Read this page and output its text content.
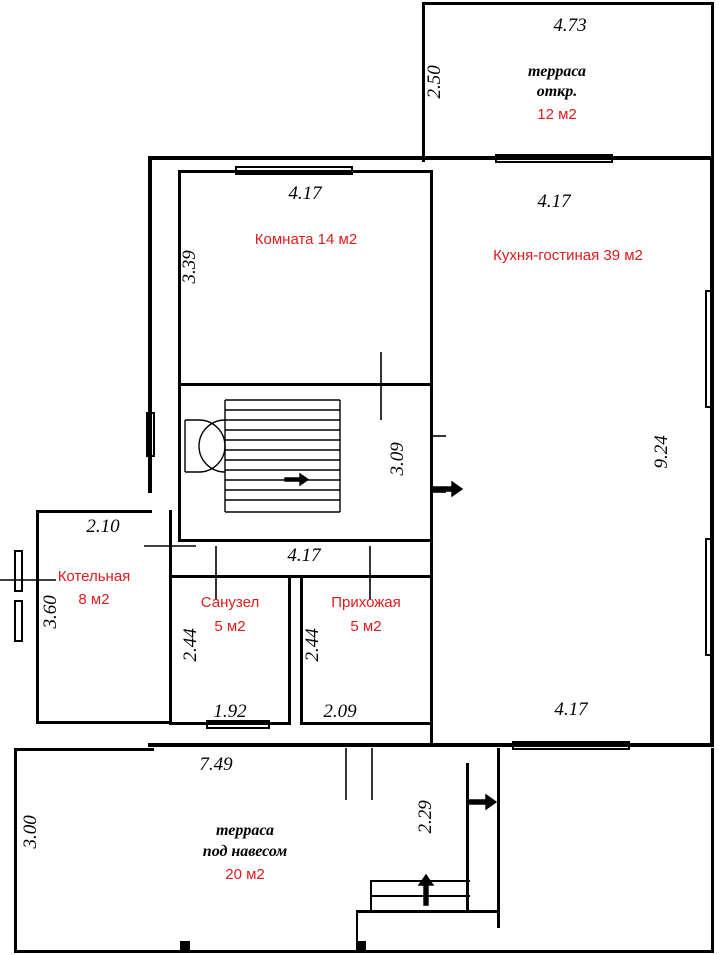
4.73
2.50	терраса
откр.
12 м2
4.17
3.39
Комната 14 м2
4.17
Кухня-гостиная 39 м2
9.24
4.17
3.09
4.17
2.10
3.60
Котельная
8 м2
2.44
Санузел
5 м2
1.92
2.44
Прихожая
5 м2
2.09
7.49
3.00	терраса
под навесом
20 м2
2.29
